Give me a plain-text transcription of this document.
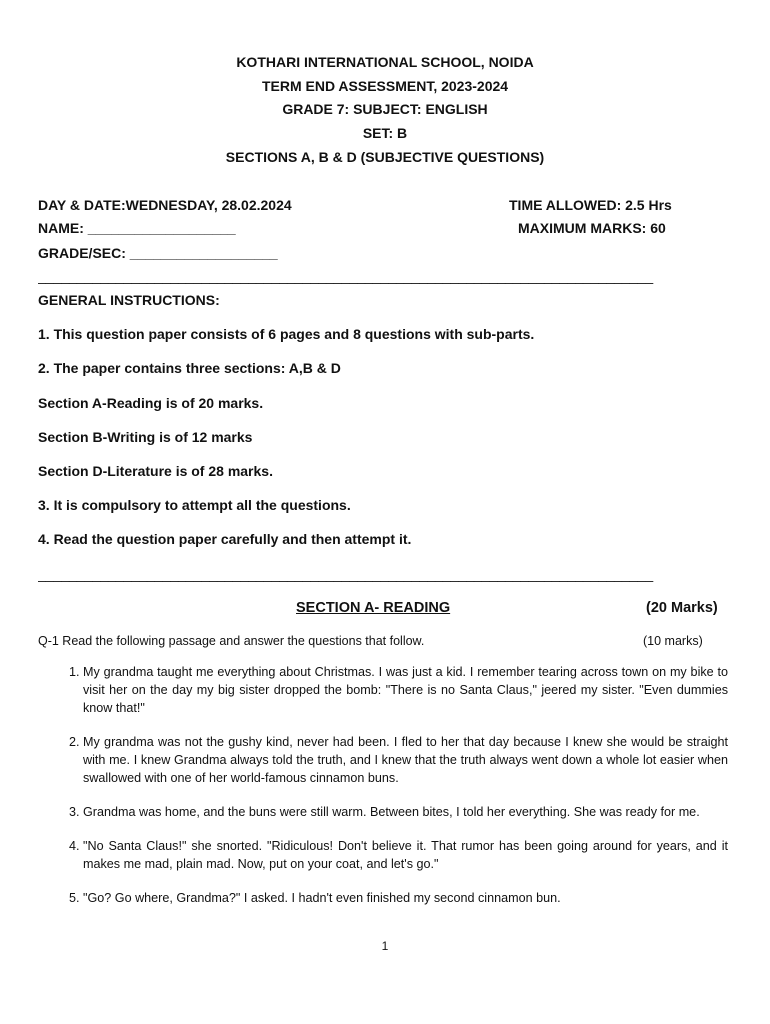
KOTHARI INTERNATIONAL SCHOOL, NOIDA
TERM END ASSESSMENT, 2023-2024
GRADE 7: SUBJECT: ENGLISH
SET: B
SECTIONS A, B & D (SUBJECTIVE QUESTIONS)
DAY & DATE:WEDNESDAY, 28.02.2024	TIME ALLOWED: 2.5 Hrs
NAME: ___________________	MAXIMUM MARKS: 60
GRADE/SEC: ___________________
_______________________________________________________________________________
GENERAL INSTRUCTIONS:
1. This question paper consists of 6 pages and 8 questions with sub-parts.
2. The paper contains three sections: A,B & D
Section A-Reading is of 20 marks.
Section B-Writing is of 12 marks
Section D-Literature is of 28 marks.
3. It is compulsory to attempt all the questions.
4. Read the question paper carefully and then attempt it.
_______________________________________________________________________________
SECTION A- READING	(20 Marks)
Q-1 Read the following passage and answer the questions that follow.	(10 marks)
1. My grandma taught me everything about Christmas. I was just a kid. I remember tearing across town on my bike to visit her on the day my big sister dropped the bomb: "There is no Santa Claus," jeered my sister. "Even dummies know that!"
2. My grandma was not the gushy kind, never had been. I fled to her that day because I knew she would be straight with me. I knew Grandma always told the truth, and I knew that the truth always went down a whole lot easier when swallowed with one of her world-famous cinnamon buns.
3. Grandma was home, and the buns were still warm. Between bites, I told her everything. She was ready for me.
4. "No Santa Claus!" she snorted. "Ridiculous! Don't believe it. That rumor has been going around for years, and it makes me mad, plain mad. Now, put on your coat, and let's go."
5. "Go? Go where, Grandma?" I asked. I hadn't even finished my second cinnamon bun.
1
